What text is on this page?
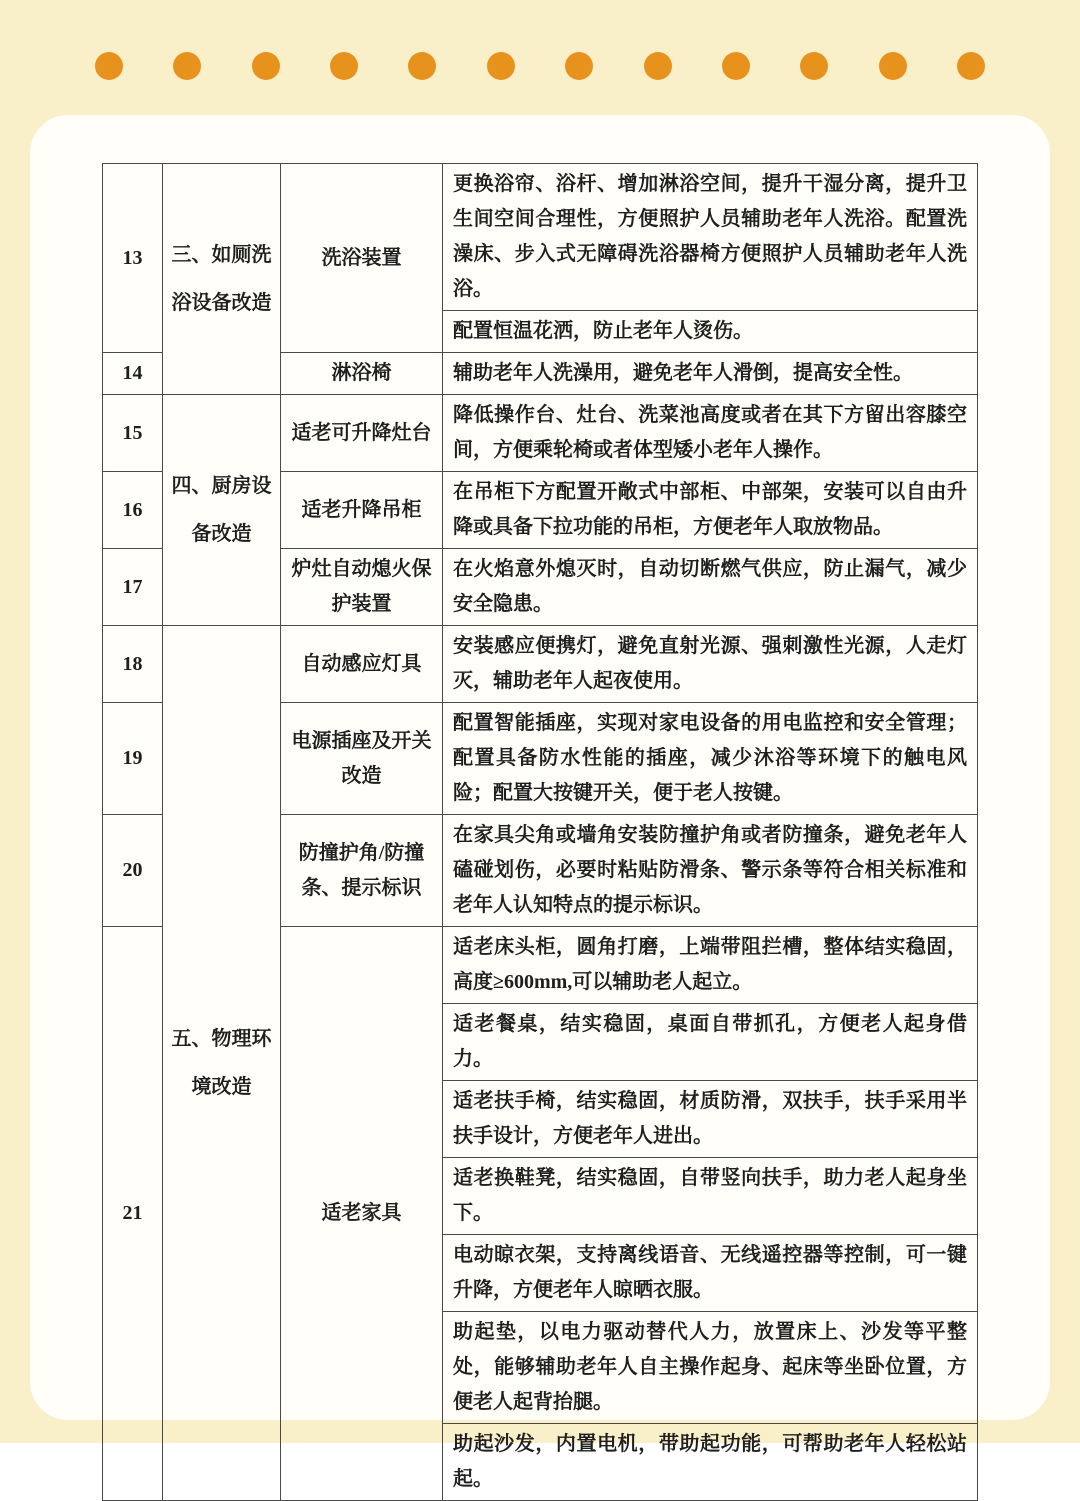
13	三、如厕洗浴设备改造	洗浴装置	更换浴帘、浴杆、增加淋浴空间，提升干湿分离，提升卫生间空间合理性，方便照护人员辅助老年人洗浴。配置洗澡床、步入式无障碍洗浴器椅方便照护人员辅助老年人洗浴。
			配置恒温花洒，防止老年人烫伤。
14		淋浴椅	辅助老年人洗澡用，避免老年人滑倒，提高安全性。
15	四、厨房设备改造	适老可升降灶台	降低操作台、灶台、洗菜池高度或者在其下方留出容膝空间，方便乘轮椅或者体型矮小老年人操作。
16		适老升降吊柜	在吊柜下方配置开敞式中部柜、中部架，安装可以自由升降或具备下拉功能的吊柜，方便老年人取放物品。
17		炉灶自动熄火保护装置	在火焰意外熄灭时，自动切断燃气供应，防止漏气，减少安全隐患。
18	五、物理环境改造	自动感应灯具	安装感应便携灯，避免直射光源、强刺激性光源，人走灯灭，辅助老年人起夜使用。
19		电源插座及开关改造	配置智能插座，实现对家电设备的用电监控和安全管理；配置具备防水性能的插座，减少沐浴等环境下的触电风险；配置大按键开关，便于老人按键。
20		防撞护角/防撞条、提示标识	在家具尖角或墙角安装防撞护角或者防撞条，避免老年人磕碰划伤，必要时粘贴防滑条、警示条等符合相关标准和老年人认知特点的提示标识。
21		适老家具	适老床头柜，圆角打磨，上端带阻拦槽，整体结实稳固，高度≥600mm,可以辅助老人起立。
			适老餐桌，结实稳固，桌面自带抓孔，方便老人起身借力。
			适老扶手椅，结实稳固，材质防滑，双扶手，扶手采用半扶手设计，方便老年人进出。
			适老换鞋凳，结实稳固，自带竖向扶手，助力老人起身坐下。
			电动晾衣架，支持离线语音、无线遥控器等控制，可一键升降，方便老年人晾晒衣服。
			助起垫，以电力驱动替代人力，放置床上、沙发等平整处，能够辅助老年人自主操作起身、起床等坐卧位置，方便老人起背抬腿。
			助起沙发，内置电机，带助起功能，可帮助老年人轻松站起。
